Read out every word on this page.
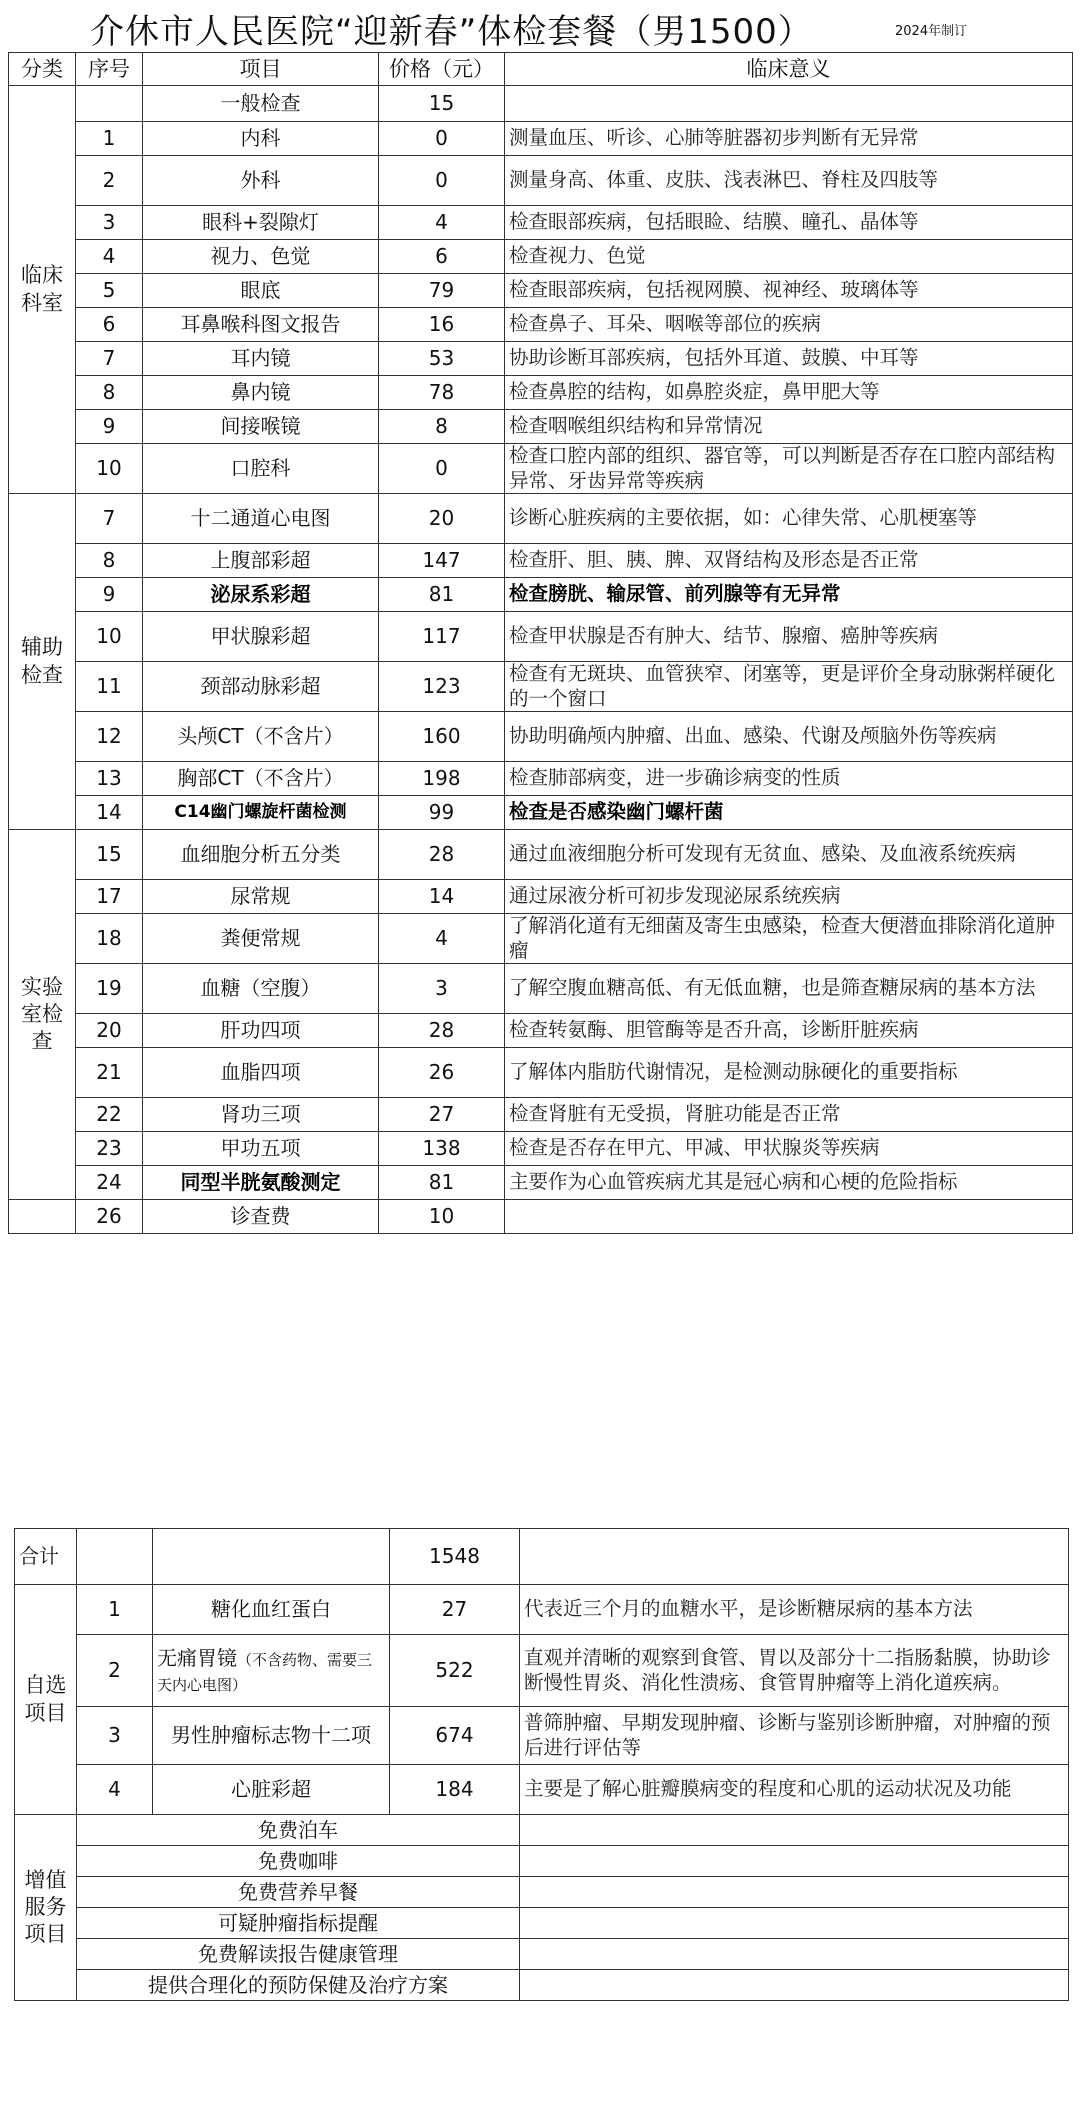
介休市人民医院“迎新春”体检套餐（男1500）	2024年制订
分类	序号	项目	价格（元）	临床意义
临床
科室		一般检查	15	
	1	内科	0	测量血压、听诊、心肺等脏器初步判断有无异常
	2	外科	0	测量身高、体重、皮肤、浅表淋巴、脊柱及四肢等
	3	眼科+裂隙灯	4	检查眼部疾病，包括眼睑、结膜、瞳孔、晶体等
	4	视力、色觉	6	检查视力、色觉
	5	眼底	79	检查眼部疾病，包括视网膜、视神经、玻璃体等
	6	耳鼻喉科图文报告	16	检查鼻子、耳朵、咽喉等部位的疾病
	7	耳内镜	53	协助诊断耳部疾病，包括外耳道、鼓膜、中耳等
	8	鼻内镜	78	检查鼻腔的结构，如鼻腔炎症，鼻甲肥大等
	9	间接喉镜	8	检查咽喉组织结构和异常情况
	10	口腔科	0	检查口腔内部的组织、器官等，可以判断是否存在口腔内部结构异常、牙齿异常等疾病
辅助
检查	7	十二通道心电图	20	诊断心脏疾病的主要依据，如：心律失常、心肌梗塞等
	8	上腹部彩超	147	检查肝、胆、胰、脾、双肾结构及形态是否正常
	9	泌尿系彩超	81	检查膀胱、输尿管、前列腺等有无异常
	10	甲状腺彩超	117	检查甲状腺是否有肿大、结节、腺瘤、癌肿等疾病
	11	颈部动脉彩超	123	检查有无斑块、血管狭窄、闭塞等，更是评价全身动脉粥样硬化的一个窗口
	12	头颅CT（不含片）	160	协助明确颅内肿瘤、出血、感染、代谢及颅脑外伤等疾病
	13	胸部CT（不含片）	198	检查肺部病变，进一步确诊病变的性质
	14	C14幽门螺旋杆菌检测	99	检查是否感染幽门螺杆菌
实验
室检
查	15	血细胞分析五分类	28	通过血液细胞分析可发现有无贫血、感染、及血液系统疾病
	17	尿常规	14	通过尿液分析可初步发现泌尿系统疾病
	18	粪便常规	4	了解消化道有无细菌及寄生虫感染，检查大便潜血排除消化道肿瘤
	19	血糖（空腹）	3	了解空腹血糖高低、有无低血糖，也是筛查糖尿病的基本方法
	20	肝功四项	28	检查转氨酶、胆管酶等是否升高，诊断肝脏疾病
	21	血脂四项	26	了解体内脂肪代谢情况，是检测动脉硬化的重要指标
	22	肾功三项	27	检查肾脏有无受损，肾脏功能是否正常
	23	甲功五项	138	检查是否存在甲亢、甲减、甲状腺炎等疾病
	24	同型半胱氨酸测定	81	主要作为心血管疾病尤其是冠心病和心梗的危险指标
	26	诊查费	10	
合计			1548	
自选
项目	1	糖化血红蛋白	27	代表近三个月的血糖水平，是诊断糖尿病的基本方法
	2	无痛胃镜（不含药物、需要三天内心电图）	522	直观并清晰的观察到食管、胃以及部分十二指肠黏膜，协助诊断慢性胃炎、消化性溃疡、食管胃肿瘤等上消化道疾病。
	3	男性肿瘤标志物十二项	674	普筛肿瘤、早期发现肿瘤、诊断与鉴别诊断肿瘤，对肿瘤的预后进行评估等
	4	心脏彩超	184	主要是了解心脏瓣膜病变的程度和心肌的运动状况及功能
增值
服务
项目	免费泊车			
	免费咖啡			
	免费营养早餐			
	可疑肿瘤指标提醒			
	免费解读报告健康管理			
	提供合理化的预防保健及治疗方案			
